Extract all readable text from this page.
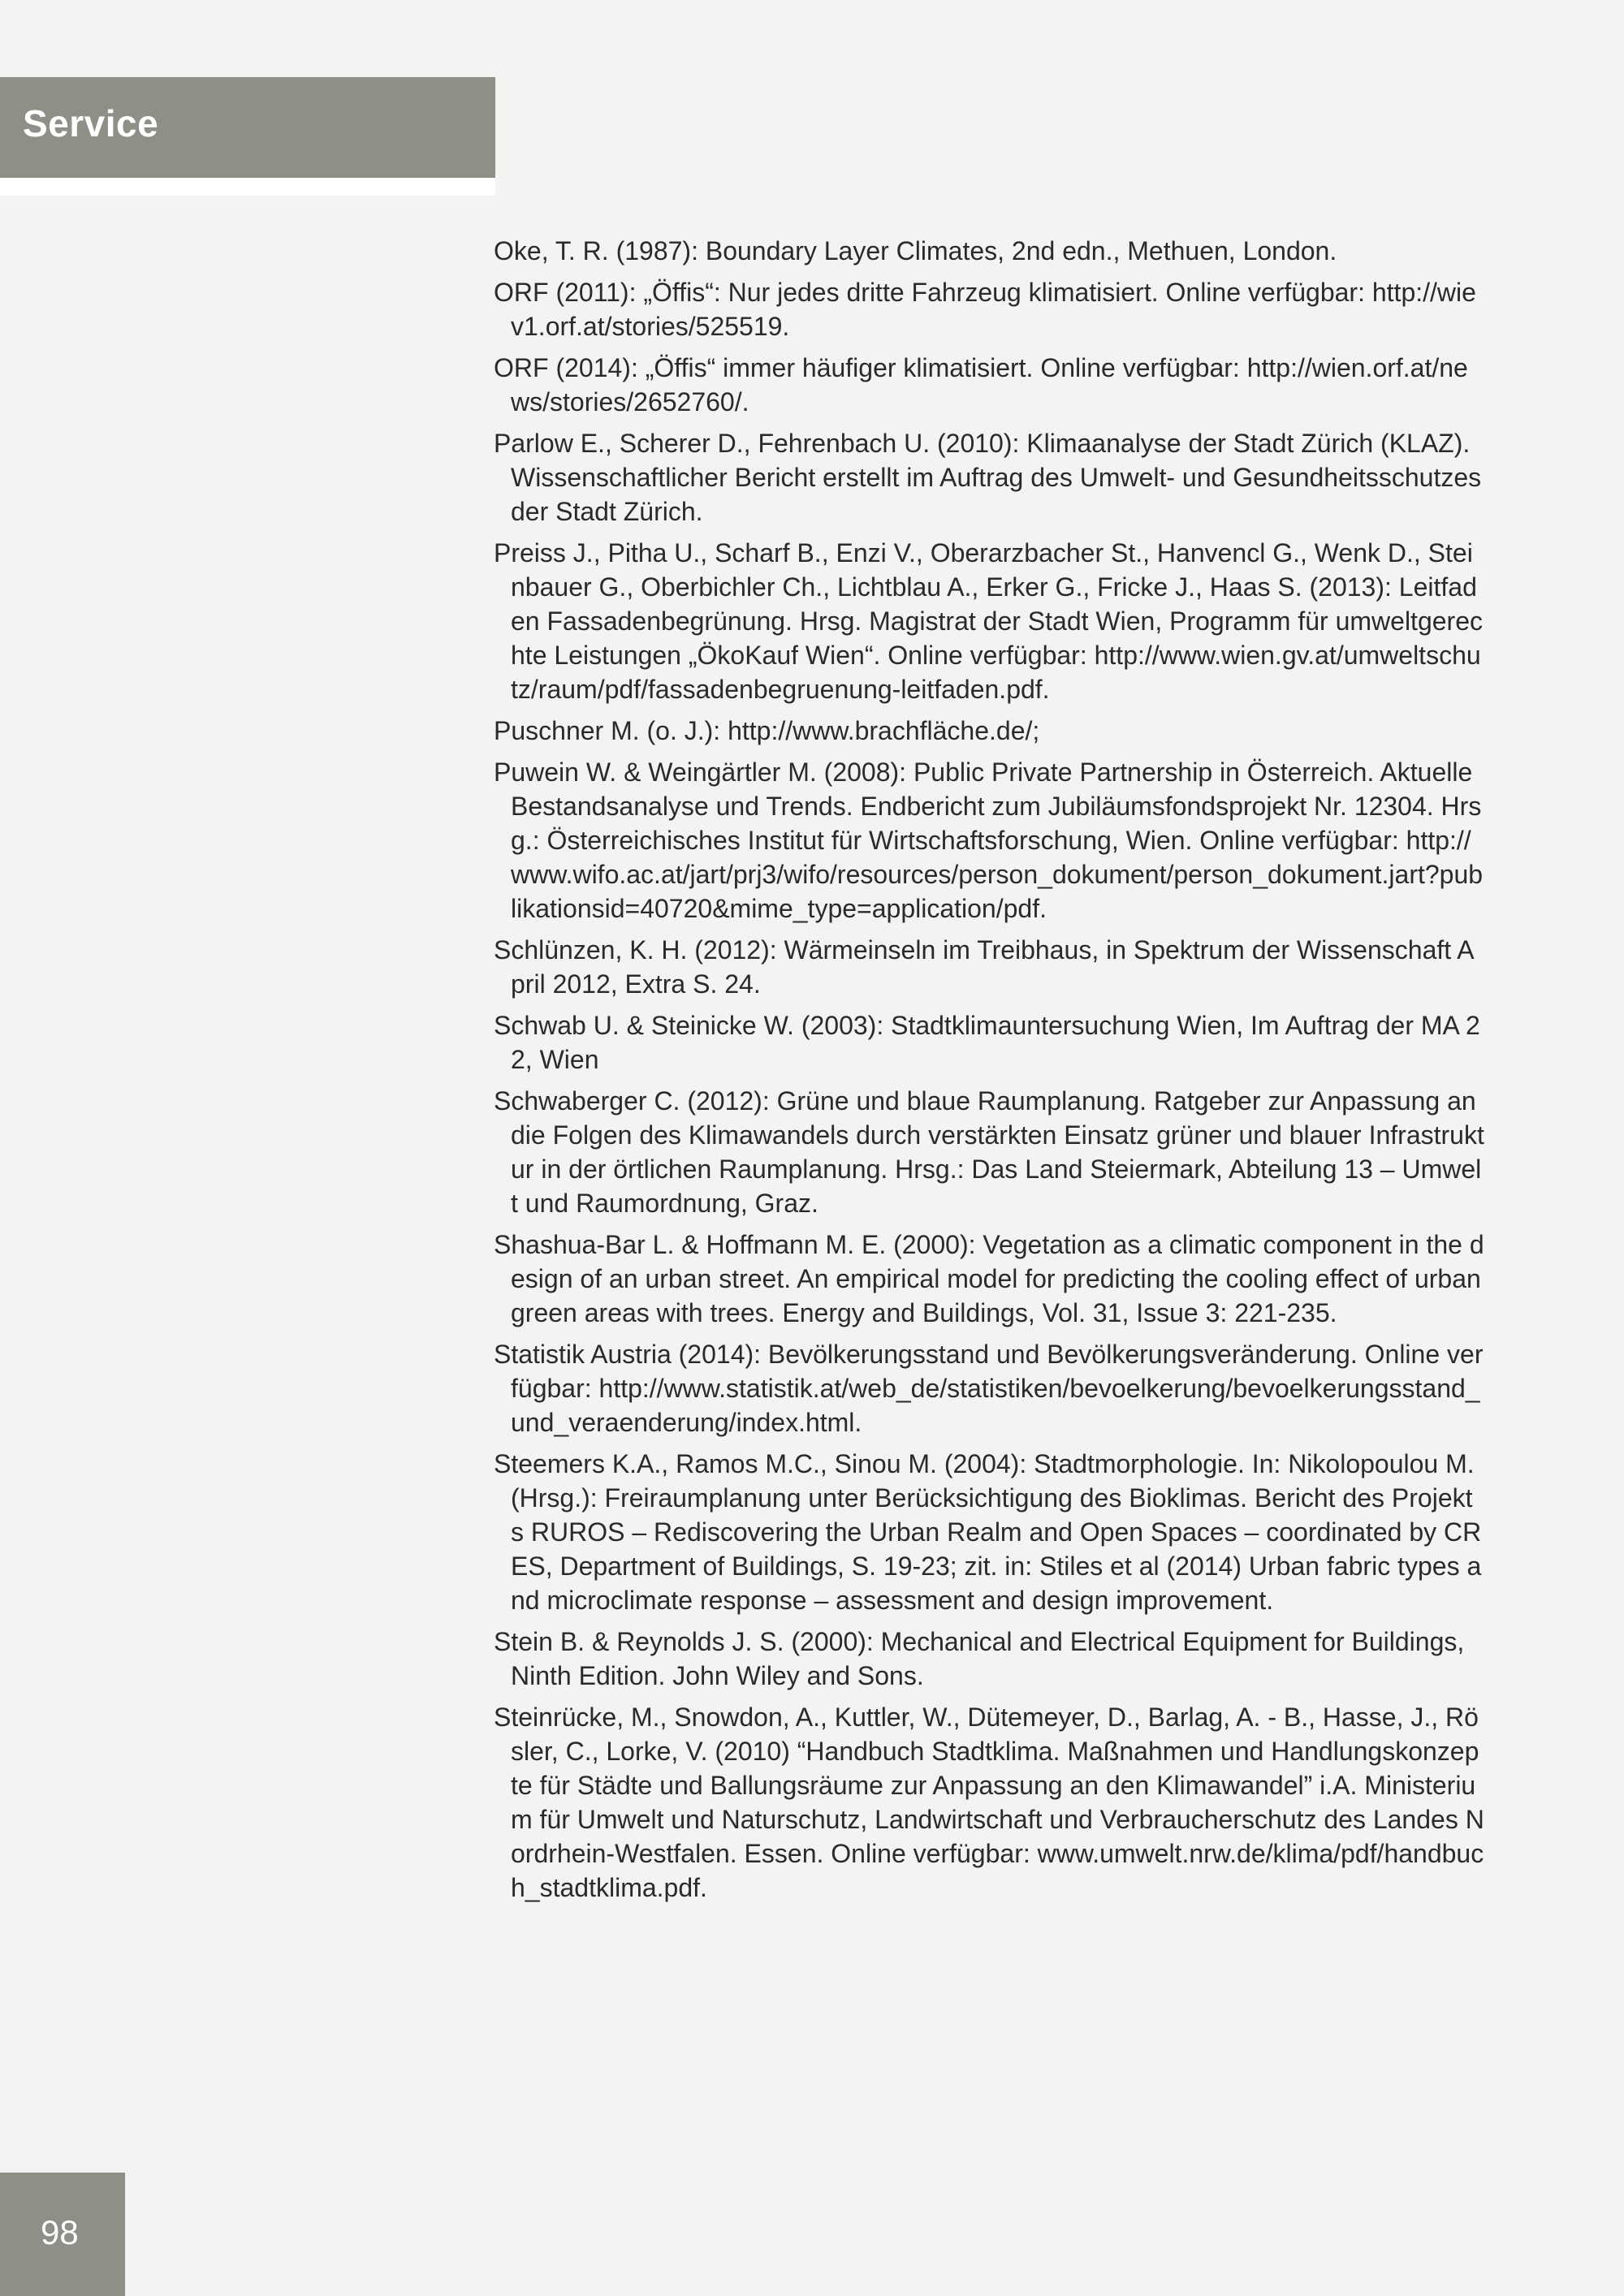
Service
Oke, T. R. (1987): Boundary Layer Climates, 2nd edn., Methuen, London.
ORF (2011): „Öffis“: Nur jedes dritte Fahrzeug klimatisiert. Online verfügbar: http://wiev1.orf.at/stories/525519.
ORF (2014): „Öffis“ immer häufiger klimatisiert. Online verfügbar: http://wien.orf.at/news/stories/2652760/.
Parlow E., Scherer D., Fehrenbach U. (2010): Klimaanalyse der Stadt Zürich (KLAZ). Wissenschaftlicher Bericht erstellt im Auftrag des Umwelt- und Gesundheitsschutzes der Stadt Zürich.
Preiss J., Pitha U., Scharf B., Enzi V., Oberarzbacher St., Hanvencl G., Wenk D., Steinbauer G., Oberbichler Ch., Lichtblau A., Erker G., Fricke J., Haas S. (2013): Leitfaden Fassadenbegrünung. Hrsg. Magistrat der Stadt Wien, Programm für umweltgerechte Leistungen „ÖkoKauf Wien“. Online verfügbar: http://www.wien.gv.at/umweltschutz/raum/pdf/fassadenbegruenung-leitfaden.pdf.
Puschner M. (o. J.): http://www.brachfläche.de/;
Puwein W. & Weingärtler M. (2008): Public Private Partnership in Österreich. Aktuelle Bestandsanalyse und Trends. Endbericht zum Jubiläumsfondsprojekt Nr. 12304. Hrsg.: Österreichisches Institut für Wirtschaftsforschung, Wien. Online verfügbar: http://www.wifo.ac.at/jart/prj3/wifo/resources/person_dokument/person_dokument.jart?publikationsid=40720&mime_type=application/pdf.
Schlünzen, K. H. (2012): Wärmeinseln im Treibhaus, in Spektrum der Wissenschaft April 2012, Extra S. 24.
Schwab U. & Steinicke W. (2003): Stadtklimauntersuchung Wien, Im Auftrag der MA 22, Wien
Schwaberger C. (2012): Grüne und blaue Raumplanung. Ratgeber zur Anpassung an die Folgen des Klimawandels durch verstärkten Einsatz grüner und blauer Infrastruktur in der örtlichen Raumplanung. Hrsg.: Das Land Steiermark, Abteilung 13 – Umwelt und Raumordnung, Graz.
Shashua-Bar L. & Hoffmann M. E. (2000): Vegetation as a climatic component in the design of an urban street. An empirical model for predicting the cooling effect of urban green areas with trees. Energy and Buildings, Vol. 31, Issue 3: 221-235.
Statistik Austria (2014): Bevölkerungsstand und Bevölkerungsveränderung. Online verfügbar: http://www.statistik.at/web_de/statistiken/bevoelkerung/bevoelkerungsstand_und_veraenderung/index.html.
Steemers K.A., Ramos M.C., Sinou M. (2004): Stadtmorphologie. In: Nikolopoulou M. (Hrsg.): Freiraumplanung unter Berücksichtigung des Bioklimas. Bericht des Projekts RUROS – Rediscovering the Urban Realm and Open Spaces – coordinated by CRES, Department of Buildings, S. 19-23; zit. in: Stiles et al (2014) Urban fabric types and microclimate response – assessment and design improvement.
Stein B. & Reynolds J. S. (2000): Mechanical and Electrical Equipment for Buildings, Ninth Edition. John Wiley and Sons.
Steinrücke, M., Snowdon, A., Kuttler, W., Dütemeyer, D., Barlag, A. - B., Hasse, J., Rösler, C., Lorke, V. (2010) “Handbuch Stadtklima. Maßnahmen und Handlungskonzepte für Städte und Ballungsräume zur Anpassung an den Klimawandel” i.A. Ministerium für Umwelt und Naturschutz, Landwirtschaft und Verbraucherschutz des Landes Nordrhein-Westfalen. Essen. Online verfügbar: www.umwelt.nrw.de/klima/pdf/handbuch_stadtklima.pdf.
98
